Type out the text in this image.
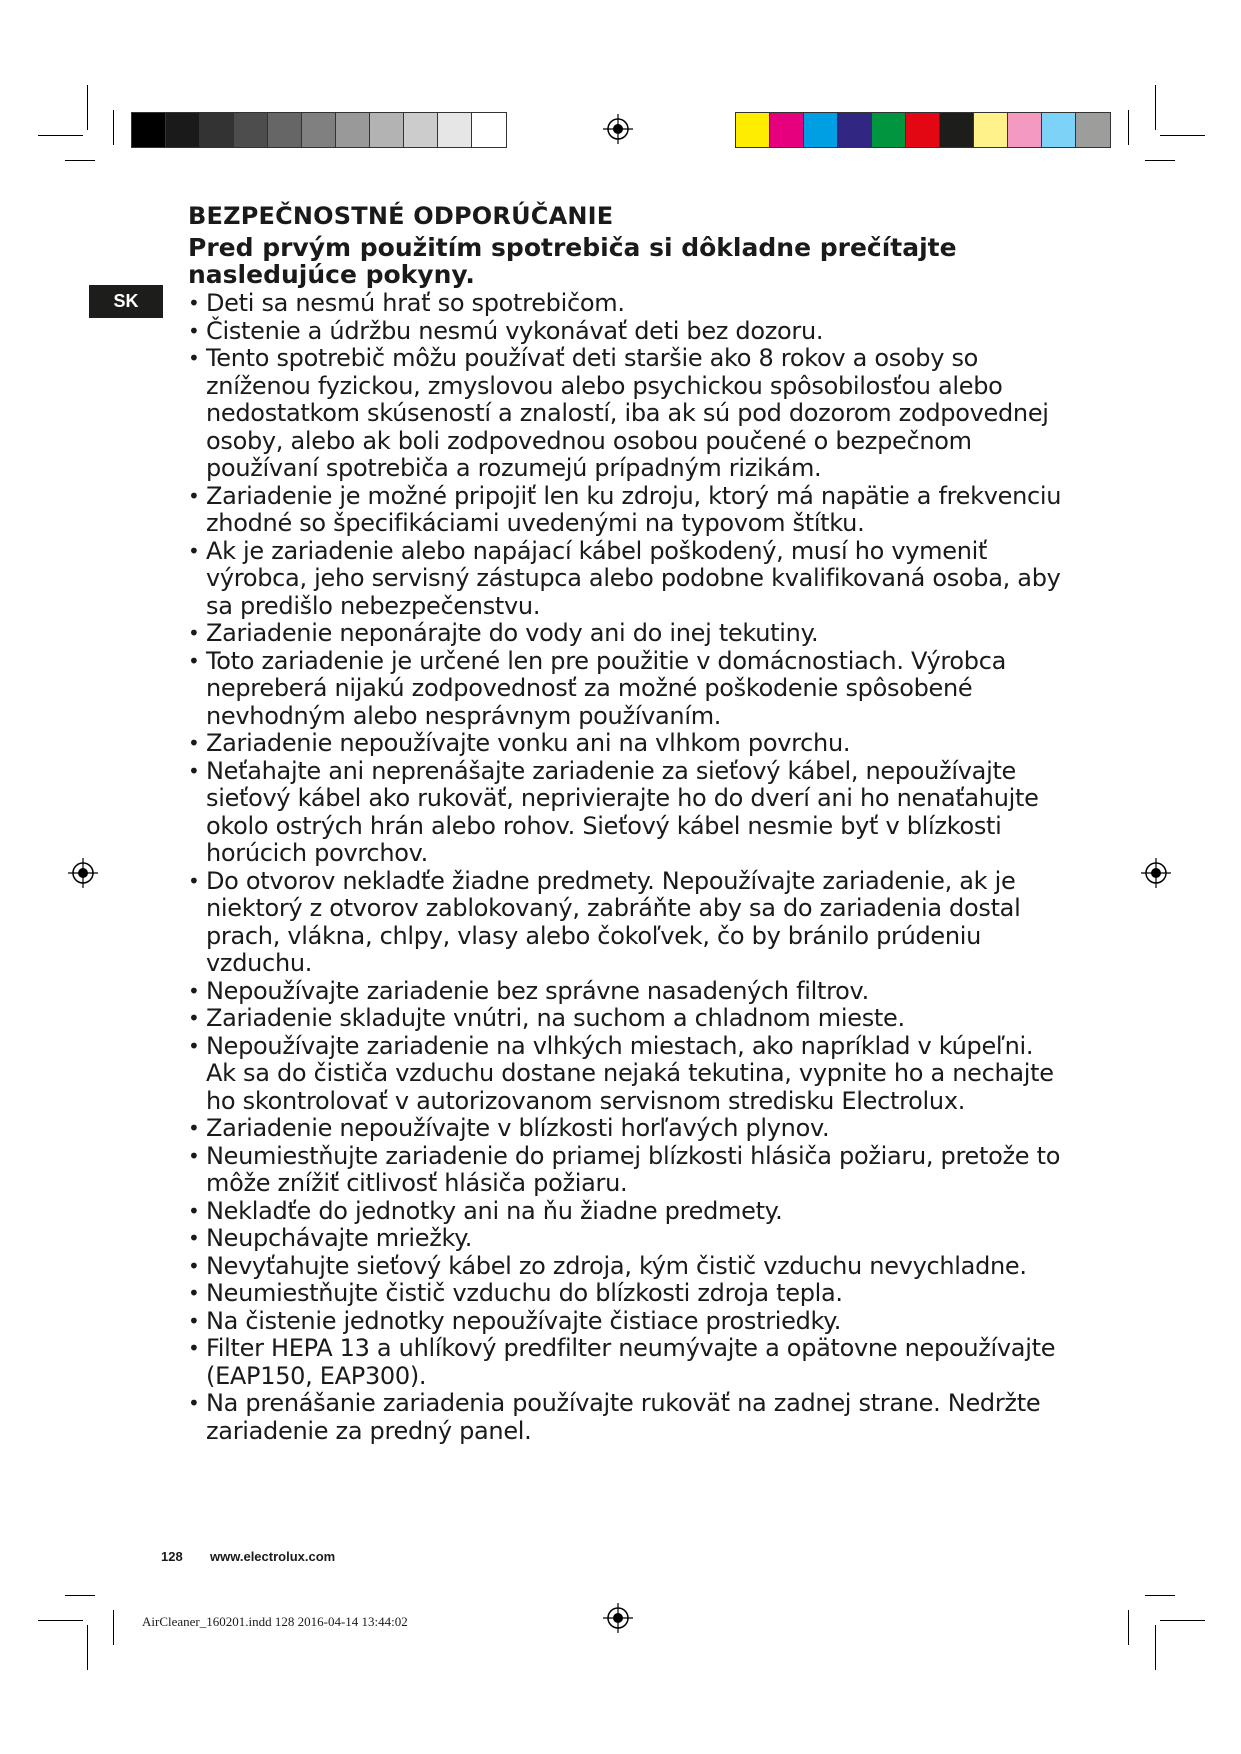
SK
BEZPEČNOSTNÉ ODPORÚČANIE

Pred prvým použitím spotrebiča si dôkladne prečítajte nasledujúce pokyny.

• Deti sa nesmú hrať so spotrebičom.
• Čistenie a údržbu nesmú vykonávať deti bez dozoru.
• Tento spotrebič môžu používať deti staršie ako 8 rokov a osoby so zníženou fyzickou, zmyslovou alebo psychickou spôsobilosťou alebo nedostatkom skúseností a znalostí, iba ak sú pod dozorom zodpovednej osoby, alebo ak boli zodpovednou osobou poučené o bezpečnom používaní spotrebiča a rozumejú prípadným rizikám.
• Zariadenie je možné pripojiť len ku zdroju, ktorý má napätie a frekvenciu zhodné so špecifikáciami uvedenými na typovom štítku.
• Ak je zariadenie alebo napájací kábel poškodený, musí ho vymeniť výrobca, jeho servisný zástupca alebo podobne kvalifikovaná osoba, aby sa predišlo nebezpečenstvu.
• Zariadenie neponárajte do vody ani do inej tekutiny.
• Toto zariadenie je určené len pre použitie v domácnostiach. Výrobca nepreberá nijakú zodpovednosť za možné poškodenie spôsobené nevhodným alebo nesprávnym používaním.
• Zariadenie nepoužívajte vonku ani na vlhkom povrchu.
• Neťahajte ani neprenášajte zariadenie za sieťový kábel, nepoužívajte sieťový kábel ako rukoväť, neprivierajte ho do dverí ani ho nenaťahujte okolo ostrých hrán alebo rohov. Sieťový kábel nesmie byť v blízkosti horúcich povrchov.
• Do otvorov nekladťe žiadne predmety. Nepoužívajte zariadenie, ak je niektorý z otvorov zablokovaný, zabráňte aby sa do zariadenia dostal prach, vlákna, chlpy, vlasy alebo čokoľvek, čo by bránilo prúdeniu vzduchu.
• Nepoužívajte zariadenie bez správne nasadených filtrov.
• Zariadenie skladujte vnútri, na suchom a chladnom mieste.
• Nepoužívajte zariadenie na vlhkých miestach, ako napríklad v kúpeľni. Ak sa do čističa vzduchu dostane nejaká tekutina, vypnite ho a nechajte ho skontrolovať v autorizovanom servisnom stredisku Electrolux.
• Zariadenie nepoužívajte v blízkosti horľavých plynov.
• Neumiestňujte zariadenie do priamej blízkosti hlásiča požiaru, pretože to môže znížiť citlivosť hlásiča požiaru.
• Nekladťe do jednotky ani na ňu žiadne predmety.
• Neupchávajte mriežky.
• Nevyťahujte sieťový kábel zo zdroja, kým čistič vzduchu nevychladne.
• Neumiestňujte čistič vzduchu do blízkosti zdroja tepla.
• Na čistenie jednotky nepoužívajte čistiace prostriedky.
• Filter HEPA 13 a uhlíkový predfilter neumývajte a opätovne nepoužívajte (EAP150, EAP300).
• Na prenášanie zariadenia používajte rukoväť na zadnej strane. Nedržte zariadenie za predný panel.
128 www.electrolux.com
AirCleaner_160201.indd 128 2016-04-14 13:44:02
